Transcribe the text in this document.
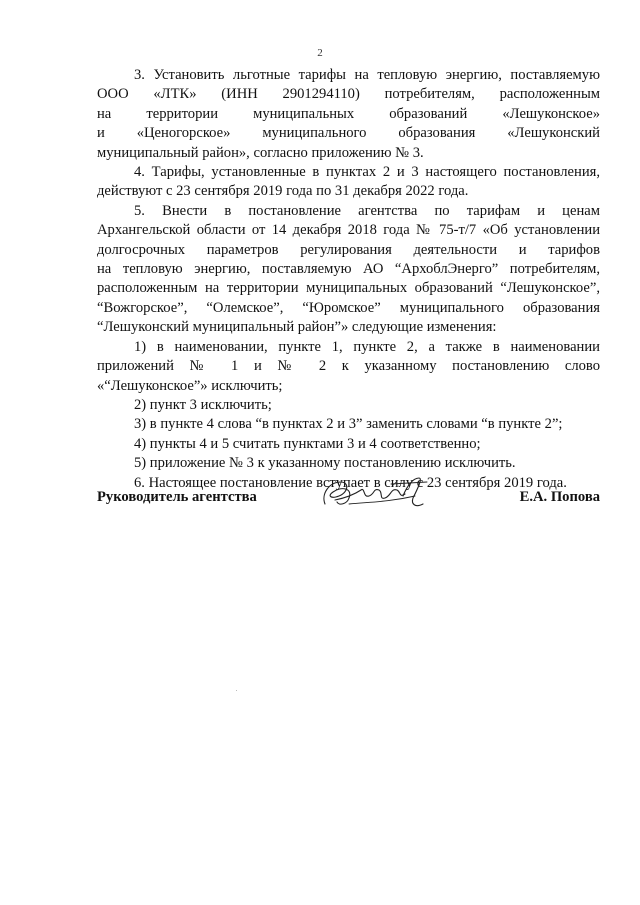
2

3. Установить льготные тарифы на тепловую энергию, поставляемую

ООО «ЛТК» (ИНН 2901294110) потребителям, расположенным

на территории муниципальных образований «Лешуконское»

и «Ценогорское» муниципального образования «Лешуконский

муниципальный район», согласно приложению № 3.

4. Тарифы, установленные в пунктах 2 и 3 настоящего постановления,

действуют с 23 сентября 2019 года по 31 декабря 2022 года.

5. Внести в постановление агентства по тарифам и ценам

Архангельской области от 14 декабря 2018 года № 75-т/7 «Об установлении

долгосрочных параметров регулирования деятельности и тарифов

на тепловую энергию, поставляемую АО “АрхоблЭнерго” потребителям,

расположенным на территории муниципальных образований “Лешуконское”,

“Вожгорское”, “Олемское”, “Юромское” муниципального образования

“Лешуконский муниципальный район”» следующие изменения:

1) в наименовании, пункте 1, пункте 2, а также в наименовании

приложений № 1 и № 2 к указанному постановлению слово

«“Лешуконское”» исключить;

2) пункт 3 исключить;

3) в пункте 4 слова “в пунктах 2 и 3” заменить словами “в пункте 2”;

4) пункты 4 и 5 считать пунктами 3 и 4 соответственно;

5) приложение № 3 к указанному постановлению исключить.

6. Настоящее постановление вступает в силу с 23 сентября 2019 года.

Руководитель агентства	Е.А. Попова
